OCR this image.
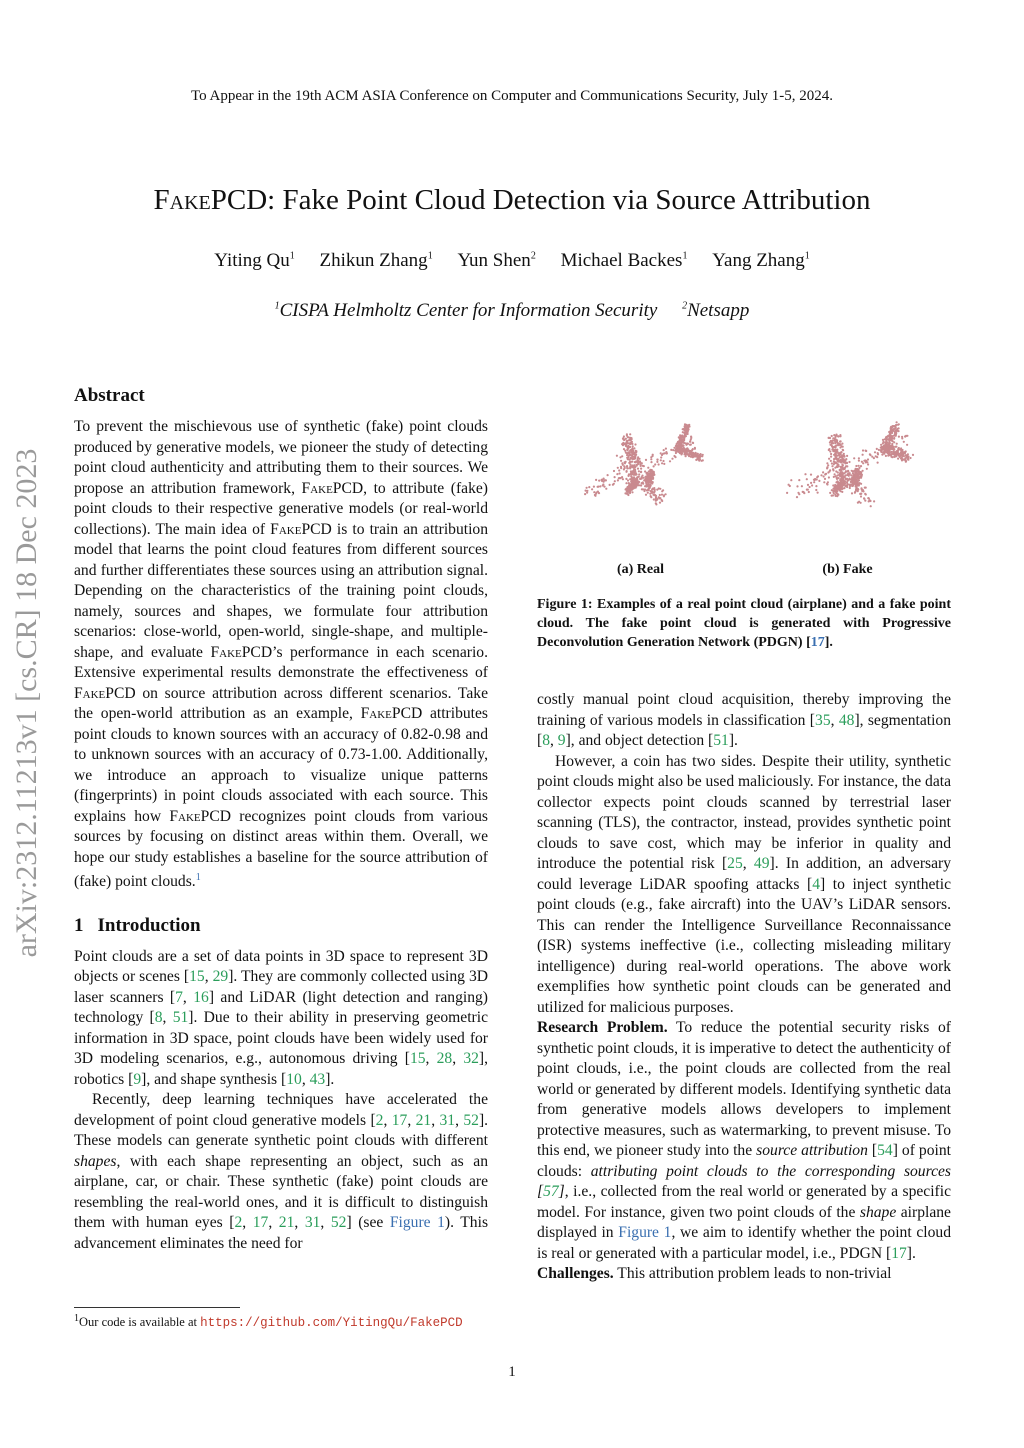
To Appear in the 19th ACM ASIA Conference on Computer and Communications Security, July 1-5, 2024.
FakePCD: Fake Point Cloud Detection via Source Attribution
Yiting Qu$^1$ Zhikun Zhang$^1$ Yun Shen$^2$ Michael Backes$^1$ Yang Zhang$^1$
$^1$CISPA Helmholtz Center for Information Security $^2$Netsapp
arXiv:2312.11213v1 [cs.CR] 18 Dec 2023
Abstract

To prevent the mischievous use of synthetic (fake) point clouds produced by generative models, we pioneer the study of detecting point cloud authenticity and attributing them to their sources. We propose an attribution framework, FakePCD, to attribute (fake) point clouds to their respective generative models (or real-world collections). The main idea of FakePCD is to train an attribution model that learns the point cloud features from different sources and further differentiates these sources using an attribution signal. Depending on the characteristics of the training point clouds, namely, sources and shapes, we formulate four attribution scenarios: close-world, open-world, single-shape, and multiple-shape, and evaluate FakePCD’s performance in each scenario. Extensive experimental results demonstrate the effectiveness of FakePCD on source attribution across different scenarios. Take the open-world attribution as an example, FakePCD attributes point clouds to known sources with an accuracy of 0.82-0.98 and to unknown sources with an accuracy of 0.73-1.00. Additionally, we introduce an approach to visualize unique patterns (fingerprints) in point clouds associated with each source. This explains how FakePCD recognizes point clouds from various sources by focusing on distinct areas within them. Overall, we hope our study establishes a baseline for the source attribution of (fake) point clouds.$^1$

1 Introduction

Point clouds are a set of data points in 3D space to represent 3D objects or scenes [15, 29]. They are commonly collected using 3D laser scanners [7, 16] and LiDAR (light detection and ranging) technology [8, 51]. Due to their ability in preserving geometric information in 3D space, point clouds have been widely used for 3D modeling scenarios, e.g., autonomous driving [15, 28, 32], robotics [9], and shape synthesis [10, 43].

Recently, deep learning techniques have accelerated the development of point cloud generative models [2, 17, 21, 31, 52]. These models can generate synthetic point clouds with different shapes, with each shape representing an object, such as an airplane, car, or chair. These synthetic (fake) point clouds are resembling the real-world ones, and it is difficult to distinguish them with human eyes [2, 17, 21, 31, 52] (see Figure 1). This advancement eliminates the need for

(a) Real	(b) Fake
Figure 1: Examples of a real point cloud (airplane) and a fake point cloud. The fake point cloud is generated with Progressive Deconvolution Generation Network (PDGN) [17].

costly manual point cloud acquisition, thereby improving the training of various models in classification [35, 48], segmentation [8, 9], and object detection [51].

However, a coin has two sides. Despite their utility, synthetic point clouds might also be used maliciously. For instance, the data collector expects point clouds scanned by terrestrial laser scanning (TLS), the contractor, instead, provides synthetic point clouds to save cost, which may be inferior in quality and introduce the potential risk [25, 49]. In addition, an adversary could leverage LiDAR spoofing attacks [4] to inject synthetic point clouds (e.g., fake aircraft) into the UAV’s LiDAR sensors. This can render the Intelligence Surveillance Reconnaissance (ISR) systems ineffective (i.e., collecting misleading military intelligence) during real-world operations. The above work exemplifies how synthetic point clouds can be generated and utilized for malicious purposes.

Research Problem. To reduce the potential security risks of synthetic point clouds, it is imperative to detect the authenticity of point clouds, i.e., the point clouds are collected from the real world or generated by different models. Identifying synthetic data from generative models allows developers to implement protective measures, such as watermarking, to prevent misuse. To this end, we pioneer study into the source attribution [54] of point clouds: attributing point clouds to the corresponding sources [57], i.e., collected from the real world or generated by a specific model. For instance, given two point clouds of the shape airplane displayed in Figure 1, we aim to identify whether the point cloud is real or generated with a particular model, i.e., PDGN [17].

Challenges. This attribution problem leads to non-trivial

$^1$Our code is available at https://github.com/YitingQu/FakePCD
1
